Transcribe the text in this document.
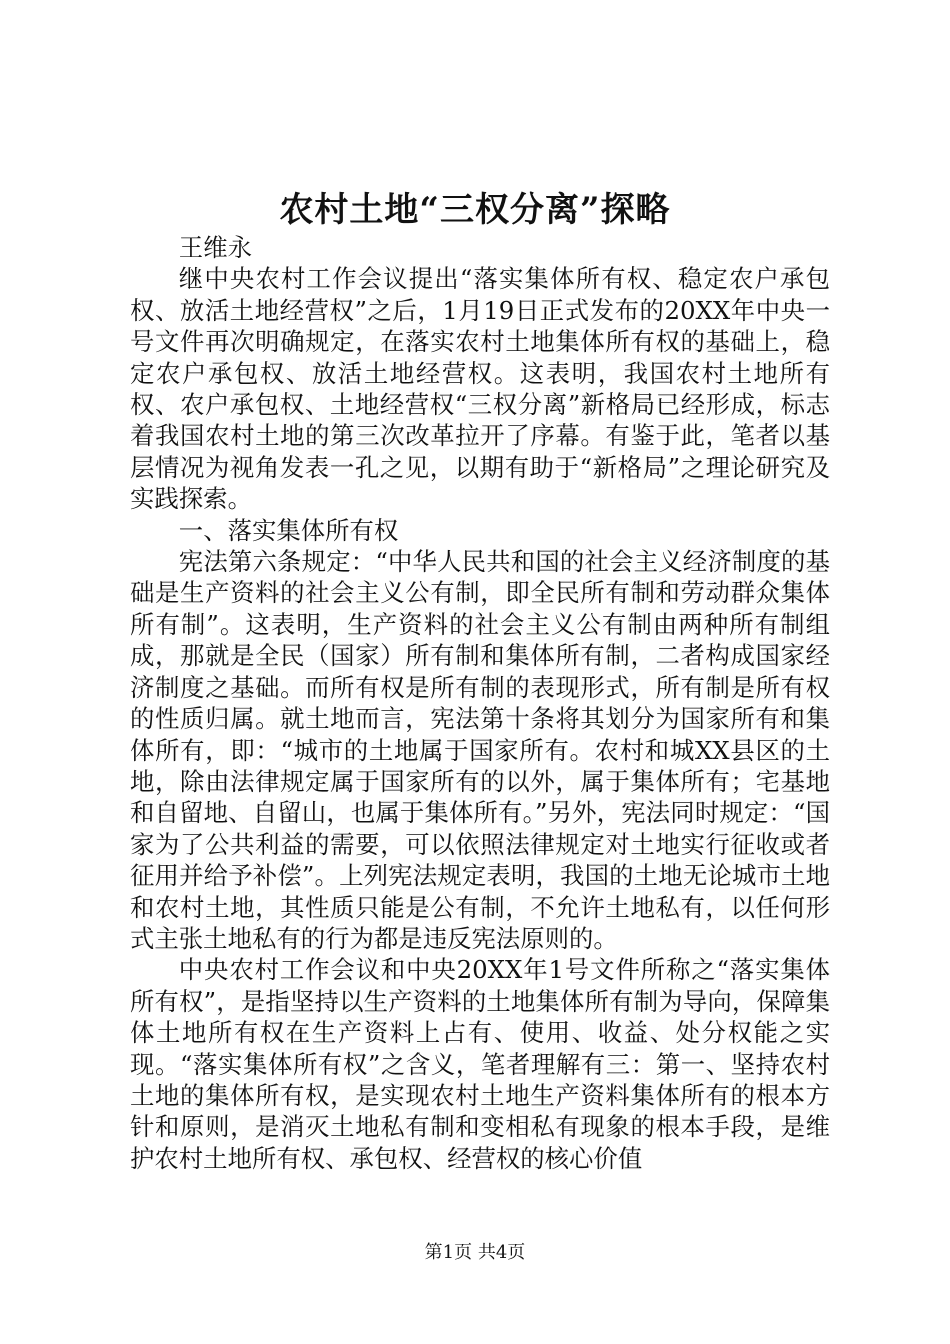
农村土地“三权分离”探略

王维永

继中央农村工作会议提出“落实集体所有权、稳定农户承包权、放活土地经营权”之后，1月19日正式发布的20XX年中央一号文件再次明确规定，在落实农村土地集体所有权的基础上，稳定农户承包权、放活土地经营权。这表明，我国农村土地所有权、农户承包权、土地经营权“三权分离”新格局已经形成，标志着我国农村土地的第三次改革拉开了序幕。有鉴于此，笔者以基层情况为视角发表一孔之见，以期有助于“新格局”之理论研究及实践探索。

一、落实集体所有权

宪法第六条规定：“中华人民共和国的社会主义经济制度的基础是生产资料的社会主义公有制，即全民所有制和劳动群众集体所有制”。这表明，生产资料的社会主义公有制由两种所有制组成，那就是全民（国家）所有制和集体所有制，二者构成国家经济制度之基础。而所有权是所有制的表现形式，所有制是所有权的性质归属。就土地而言，宪法第十条将其划分为国家所有和集体所有，即：“城市的土地属于国家所有。农村和城XX县区的土地，除由法律规定属于国家所有的以外，属于集体所有；宅基地和自留地、自留山，也属于集体所有。”另外，宪法同时规定：“国家为了公共利益的需要，可以依照法律规定对土地实行征收或者征用并给予补偿”。上列宪法规定表明，我国的土地无论城市土地和农村土地，其性质只能是公有制，不允许土地私有，以任何形式主张土地私有的行为都是违反宪法原则的。

中央农村工作会议和中央20XX年1号文件所称之“落实集体所有权”，是指坚持以生产资料的土地集体所有制为导向，保障集体土地所有权在生产资料上占有、使用、收益、处分权能之实现。“落实集体所有权”之含义，笔者理解有三：第一、坚持农村土地的集体所有权，是实现农村土地生产资料集体所有的根本方针和原则，是消灭土地私有制和变相私有现象的根本手段，是维护农村土地所有权、承包权、经营权的核心价值

第1页 共4页
